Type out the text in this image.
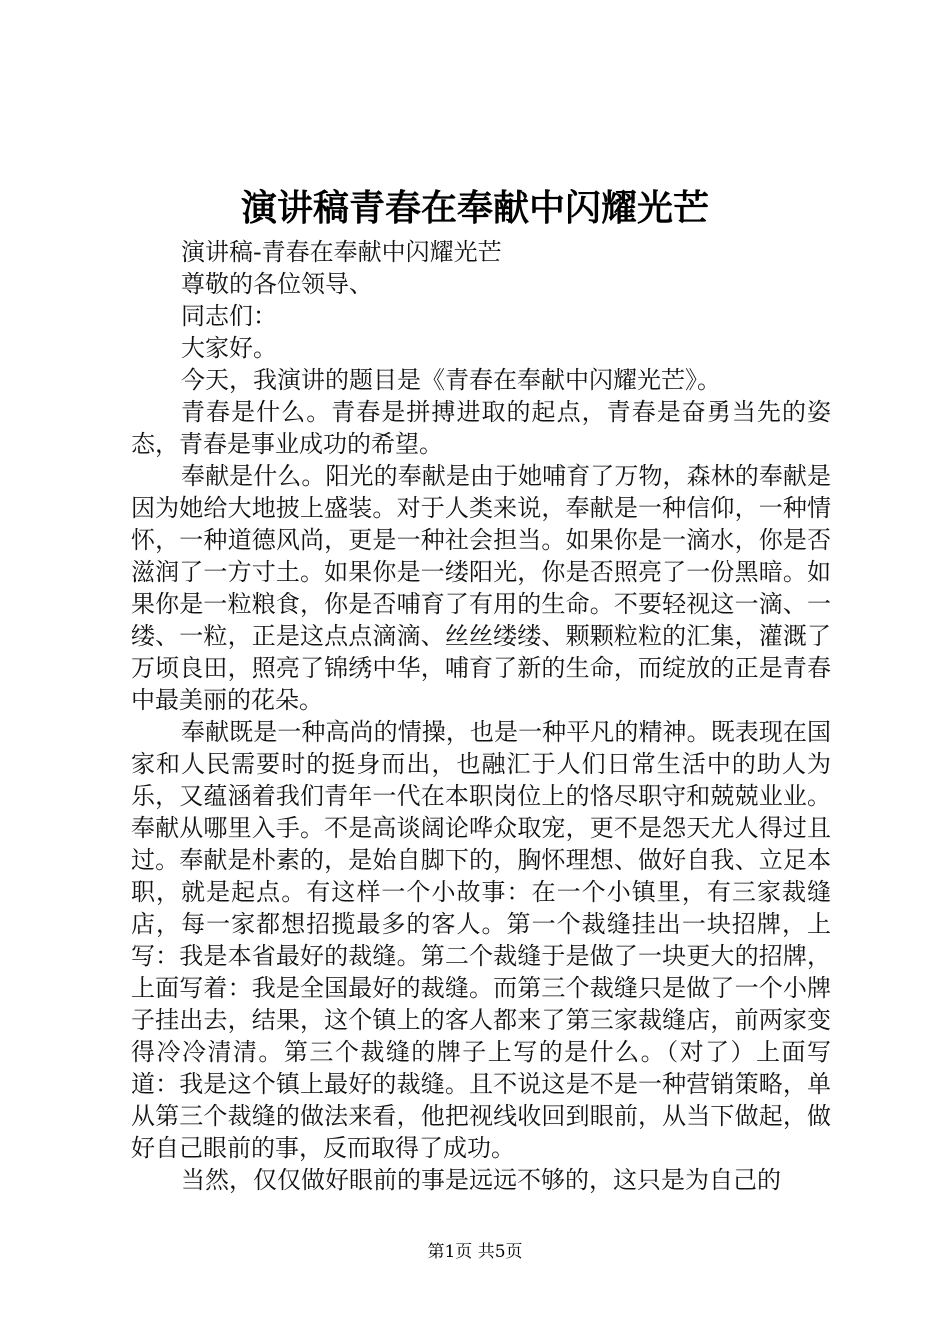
演讲稿青春在奉献中闪耀光芒

演讲稿-青春在奉献中闪耀光芒

尊敬的各位领导、

同志们：

大家好。

今天，我演讲的题目是《青春在奉献中闪耀光芒》。

青春是什么。青春是拼搏进取的起点，青春是奋勇当先的姿态，青春是事业成功的希望。

奉献是什么。阳光的奉献是由于她哺育了万物，森林的奉献是因为她给大地披上盛装。对于人类来说，奉献是一种信仰，一种情怀，一种道德风尚，更是一种社会担当。如果你是一滴水，你是否滋润了一方寸土。如果你是一缕阳光，你是否照亮了一份黑暗。如果你是一粒粮食，你是否哺育了有用的生命。不要轻视这一滴、一缕、一粒，正是这点点滴滴、丝丝缕缕、颗颗粒粒的汇集，灌溉了万顷良田，照亮了锦绣中华，哺育了新的生命，而绽放的正是青春中最美丽的花朵。

奉献既是一种高尚的情操，也是一种平凡的精神。既表现在国家和人民需要时的挺身而出，也融汇于人们日常生活中的助人为乐，又蕴涵着我们青年一代在本职岗位上的恪尽职守和兢兢业业。奉献从哪里入手。不是高谈阔论哗众取宠，更不是怨天尤人得过且过。奉献是朴素的，是始自脚下的，胸怀理想、做好自我、立足本职，就是起点。有这样一个小故事：在一个小镇里，有三家裁缝店，每一家都想招揽最多的客人。第一个裁缝挂出一块招牌，上写：我是本省最好的裁缝。第二个裁缝于是做了一块更大的招牌，上面写着：我是全国最好的裁缝。而第三个裁缝只是做了一个小牌子挂出去，结果，这个镇上的客人都来了第三家裁缝店，前两家变得冷冷清清。第三个裁缝的牌子上写的是什么。（对了）上面写道：我是这个镇上最好的裁缝。且不说这是不是一种营销策略，单从第三个裁缝的做法来看，他把视线收回到眼前，从当下做起，做好自己眼前的事，反而取得了成功。

当然，仅仅做好眼前的事是远远不够的，这只是为自己的

第1页 共5页
